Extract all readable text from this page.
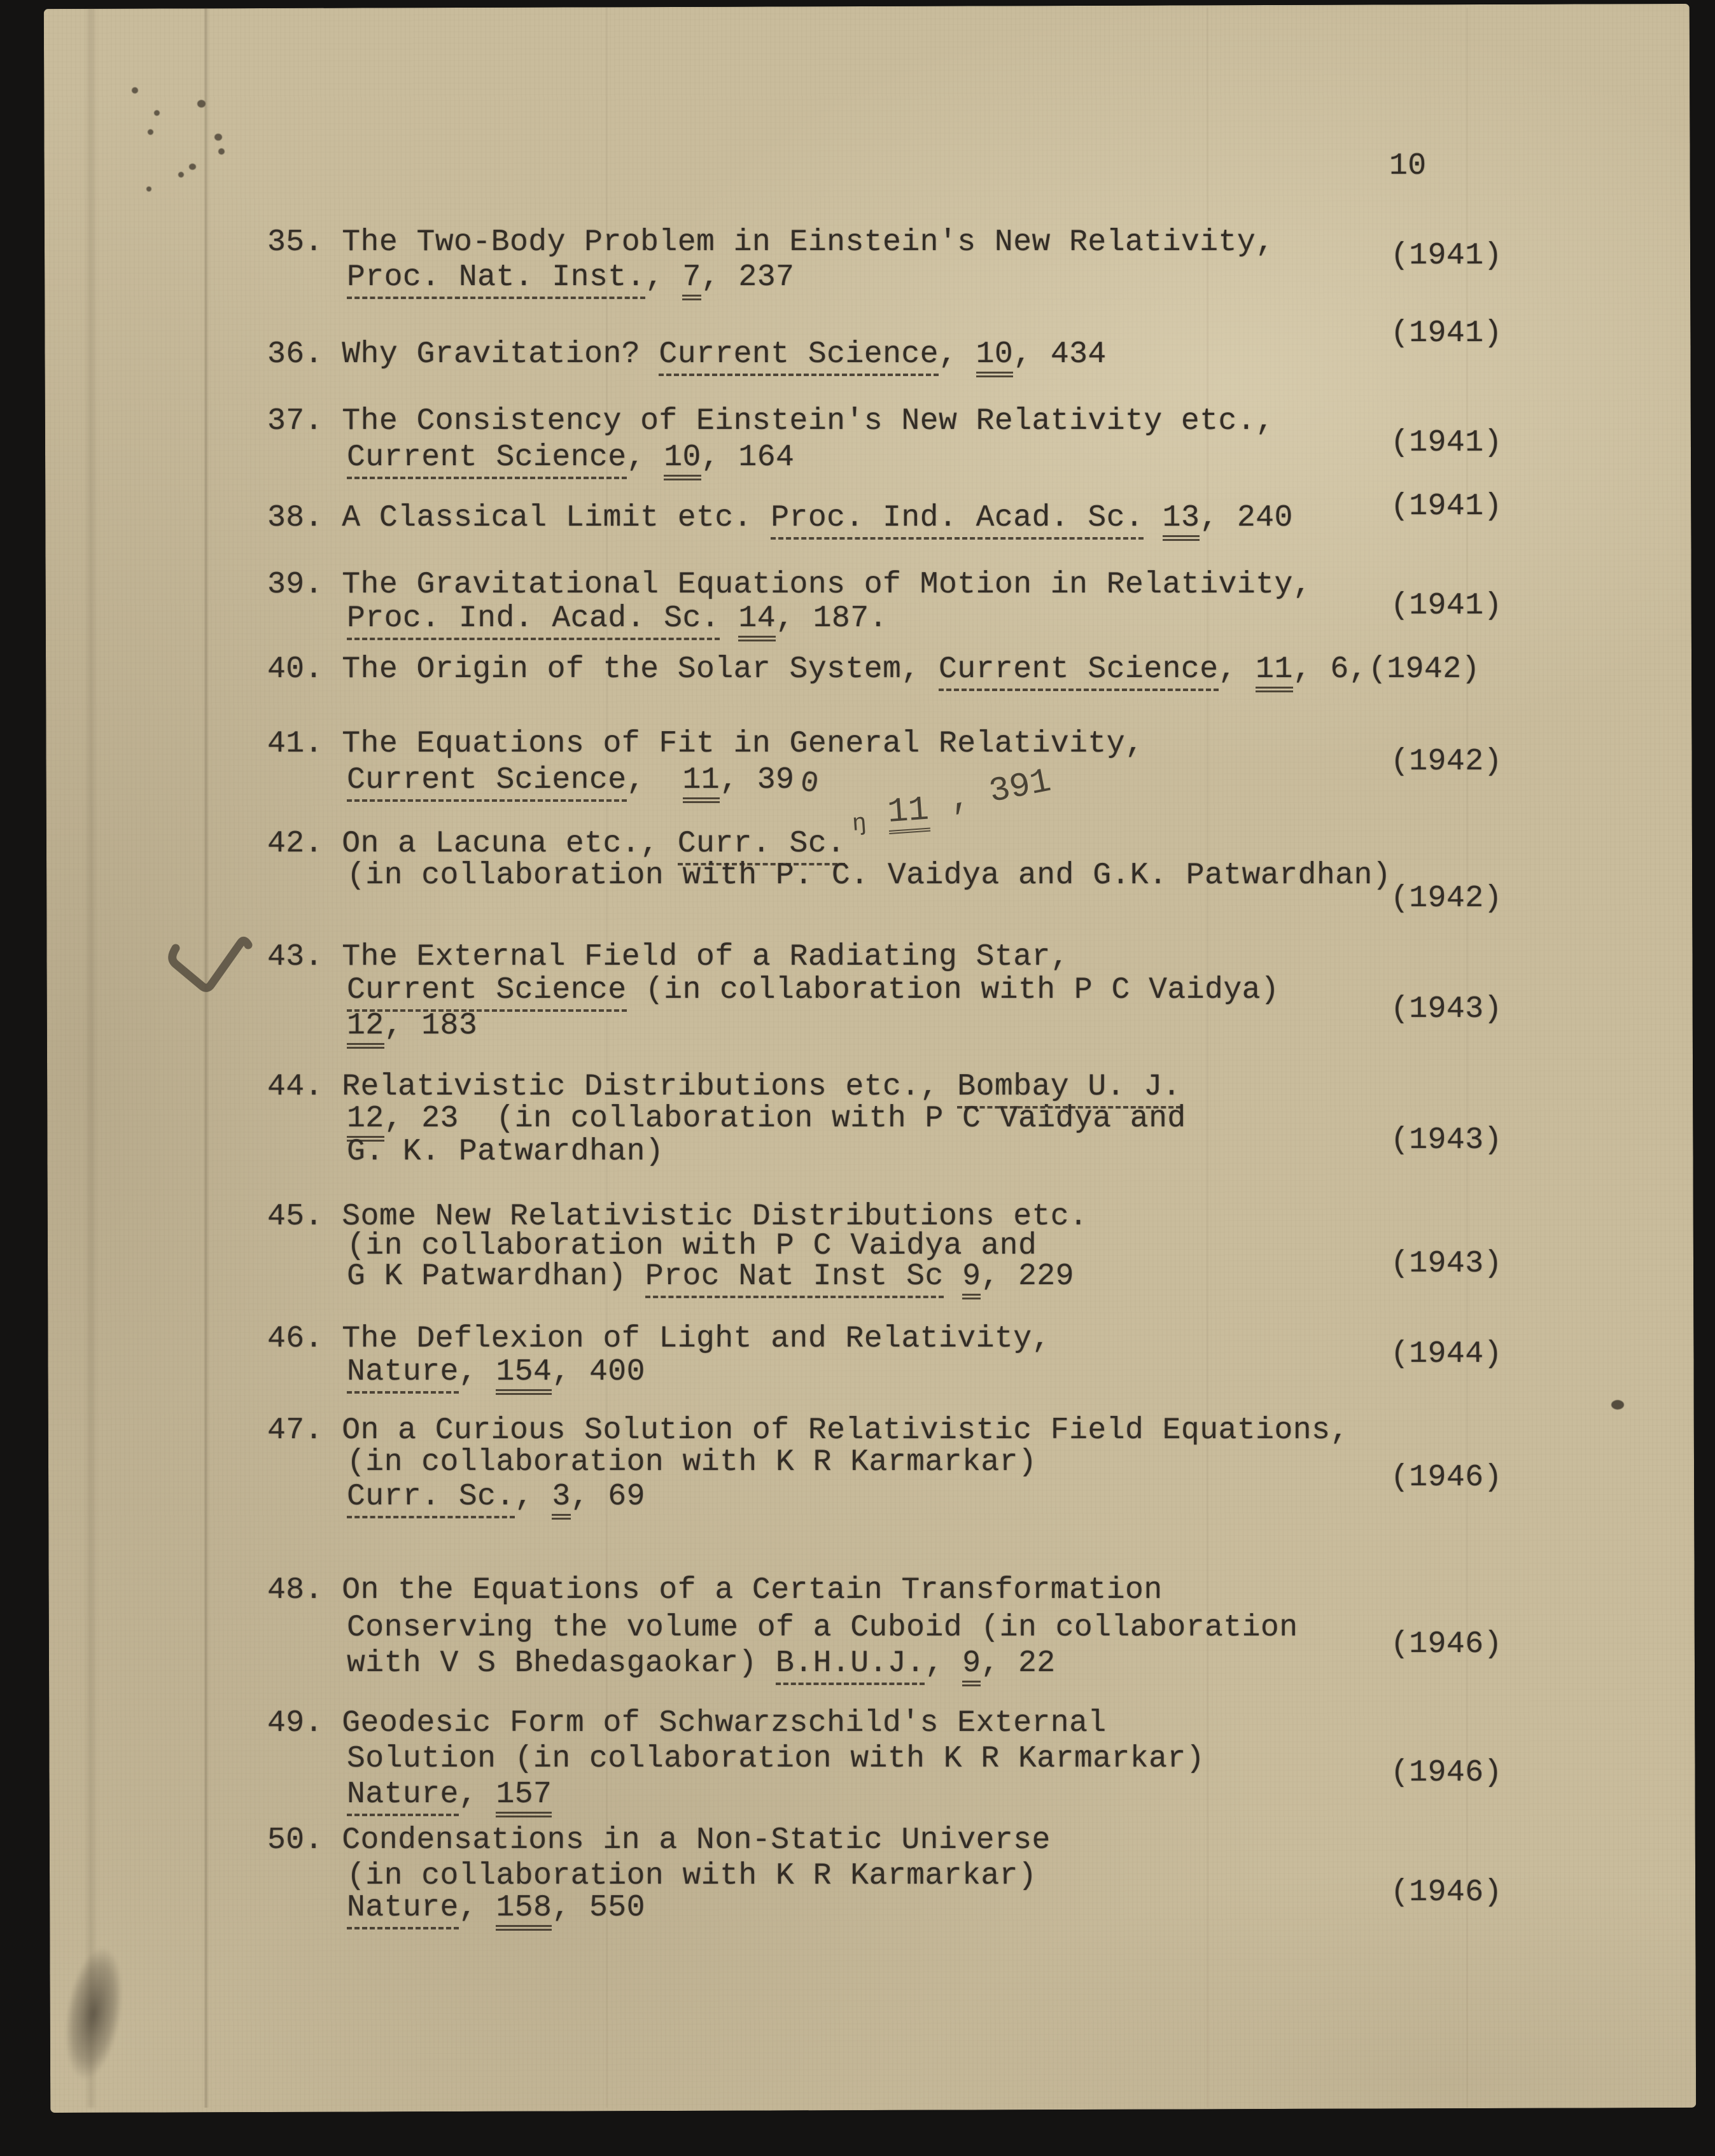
10
ŋ 11 , 391
35. The Two-Body Problem in Einstein's New Relativity,
Proc. Nat. Inst., 7, 237
(1941)
36. Why Gravitation? Current Science, 10, 434
(1941)
37. The Consistency of Einstein's New Relativity etc.,
Current Science, 10, 164	(1941)
38. A Classical Limit etc. Proc. Ind. Acad. Sc. 13, 240	(1941)
39. The Gravitational Equations of Motion in Relativity,
Proc. Ind. Acad. Sc. 14, 187.	(1941)
40. The Origin of the Solar System, Current Science, 11, 6, (1942)
41. The Equations of Fit in General Relativity,
Current Science,  11, 39 0
(1942)
42. On a Lacuna etc., Curr. Sc.
(in collaboration with P. C. Vaidya and G.K. Patwardhan)
(1942)
43. The External Field of a Radiating Star,
Current Science (in collaboration with P C Vaidya)
12, 183	(1943)
44. Relativistic Distributions etc., Bombay U. J.
12, 23  (in collaboration with P C Vaidya and
G. K. Patwardhan)	(1943)
45. Some New Relativistic Distributions etc.
(in collaboration with P C Vaidya and
G K Patwardhan) Proc Nat Inst Sc 9, 229	(1943)
46. The Deflexion of Light and Relativity,
Nature, 154, 400
(1944)
47. On a Curious Solution of Relativistic Field Equations,
(in collaboration with K R Karmarkar)
Curr. Sc., 3, 69
(1946)
48. On the Equations of a Certain Transformation
Conserving the volume of a Cuboid (in collaboration
with V S Bhedasgaokar) B.H.U.J., 9, 22
(1946)
49. Geodesic Form of Schwarzschild's External
Solution (in collaboration with K R Karmarkar)
Nature, 157
(1946)
50. Condensations in a Non-Static Universe
(in collaboration with K R Karmarkar)
Nature, 158, 550	(1946)
